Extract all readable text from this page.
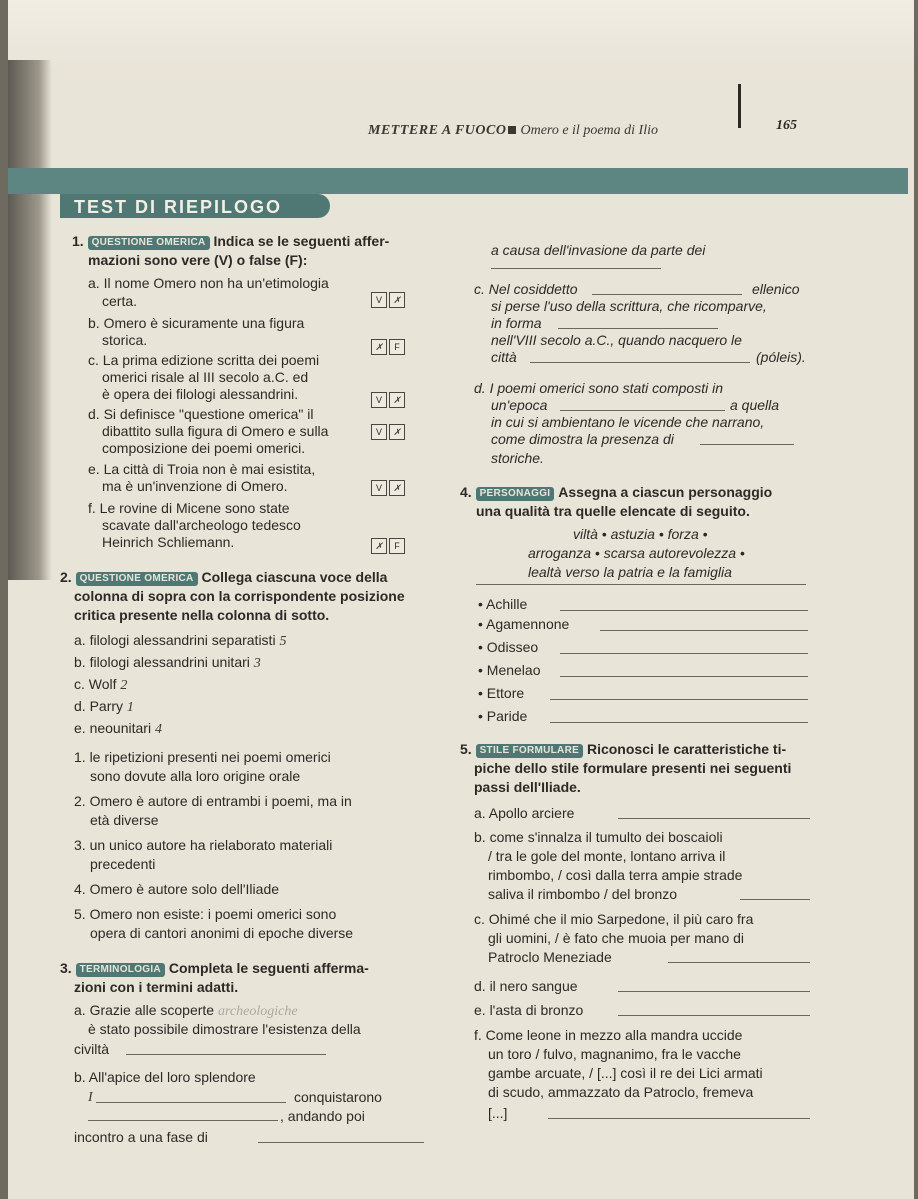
METTERE A FUOCO Omero e il poema di Ilio	165
TEST DI RIEPILOGO
1. QUESTIONE OMERICA Indica se le seguenti affer-
mazioni sono vere (V) o false (F):
a. Il nome Omero non ha un'etimologia
certa.	V	✗
b. Omero è sicuramente una figura
storica.	✗	F
c. La prima edizione scritta dei poemi
omerici risale al III secolo a.C. ed
è opera dei filologi alessandrini.	V	✗
d. Si definisce "questione omerica" il
dibattito sulla figura di Omero e sulla
composizione dei poemi omerici.
V	✗
e. La città di Troia non è mai esistita,
ma è un'invenzione di Omero.	V	✗
f. Le rovine di Micene sono state
scavate dall'archeologo tedesco
Heinrich Schliemann.	✗	F
2. QUESTIONE OMERICA Collega ciascuna voce della
colonna di sopra con la corrispondente posizione
critica presente nella colonna di sotto.
a. filologi alessandrini separatisti 5
b. filologi alessandrini unitari 3
c. Wolf 2
d. Parry 1
e. neounitari 4
1. le ripetizioni presenti nei poemi omerici
sono dovute alla loro origine orale
2. Omero è autore di entrambi i poemi, ma in
età diverse
3. un unico autore ha rielaborato materiali
precedenti
4. Omero è autore solo dell'Iliade
5. Omero non esiste: i poemi omerici sono
opera di cantori anonimi di epoche diverse
3. TERMINOLOGIA Completa le seguenti afferma-
zioni con i termini adatti.
a. Grazie alle scoperte archeologiche
è stato possibile dimostrare l'esistenza della
civiltà
b. All'apice del loro splendore
I	conquistarono
, andando poi
incontro a una fase di
a causa dell'invasione da parte dei
c. Nel cosiddetto	ellenico
si perse l'uso della scrittura, che ricomparve,
in forma
nell'VIII secolo a.C., quando nacquero le
città	(póleis).
d. I poemi omerici sono stati composti in
un'epoca	a quella
in cui si ambientano le vicende che narrano,
come dimostra la presenza di
storiche.
4. PERSONAGGI Assegna a ciascun personaggio
una qualità tra quelle elencate di seguito.
viltà • astuzia • forza •
arroganza • scarsa autorevolezza •
lealtà verso la patria e la famiglia
• Achille
• Agamennone
• Odisseo
• Menelao
• Ettore
• Paride
5. STILE FORMULARE Riconosci le caratteristiche ti-
piche dello stile formulare presenti nei seguenti
passi dell'Iliade.
a. Apollo arciere
b. come s'innalza il tumulto dei boscaioli
/ tra le gole del monte, lontano arriva il
rimbombo, / così dalla terra ampie strade
saliva il rimbombo / del bronzo
c. Ohimé che il mio Sarpedone, il più caro fra
gli uomini, / è fato che muoia per mano di
Patroclo Meneziade
d. il nero sangue
e. l'asta di bronzo
f. Come leone in mezzo alla mandra uccide
un toro / fulvo, magnanimo, fra le vacche
gambe arcuate, / [...] così il re dei Lici armati
di scudo, ammazzato da Patroclo, fremeva
[...]
